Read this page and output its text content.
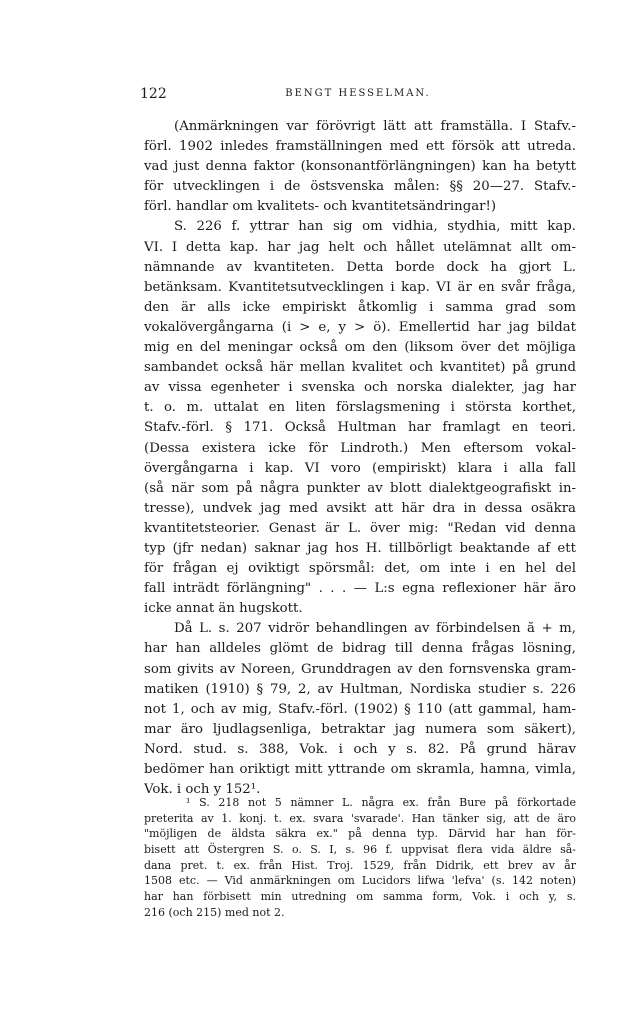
122	BENGT HESSELMAN.
(Anmärkningen var förövrigt lätt att framställa. I Stafv.-
förl. 1902 inledes framställningen med ett försök att utreda.
vad just denna faktor (konsonantförlängningen) kan ha betytt
för utvecklingen i de östsvenska målen: §§ 20—27. Stafv.-
förl. handlar om kvalitets- och kvantitetsändringar!)
S. 226 f. yttrar han sig om vidhia, stydhia, mitt kap.
VI. I detta kap. har jag helt och hållet utelämnat allt om-
nämnande av kvantiteten. Detta borde dock ha gjort L.
betänksam. Kvantitetsutvecklingen i kap. VI är en svår fråga,
den är alls icke empiriskt åtkomlig i samma grad som
vokalövergångarna (i > e, y > ö). Emellertid har jag bildat
mig en del meningar också om den (liksom över det möjliga
sambandet också här mellan kvalitet och kvantitet) på grund
av vissa egenheter i svenska och norska dialekter, jag har
t. o. m. uttalat en liten förslagsmening i största korthet,
Stafv.-förl. § 171. Också Hultman har framlagt en teori.
(Dessa existera icke för Lindroth.) Men eftersom vokal-
övergångarna i kap. VI voro (empiriskt) klara i alla fall
(så när som på några punkter av blott dialektgeografiskt in-
tresse), undvek jag med avsikt att här dra in dessa osäkra
kvantitetsteorier. Genast är L. över mig: "Redan vid denna
typ (jfr nedan) saknar jag hos H. tillbörligt beaktande af ett
för frågan ej oviktigt spörsmål: det, om inte i en hel del
fall inträdt förlängning" . . . — L:s egna reflexioner här äro
icke annat än hugskott.
Då L. s. 207 vidrör behandlingen av förbindelsen ă + m,
har han alldeles glömt de bidrag till denna frågas lösning,
som givits av Noreen, Grunddragen av den fornsvenska gram-
matiken (1910) § 79, 2, av Hultman, Nordiska studier s. 226
not 1, och av mig, Stafv.-förl. (1902) § 110 (att gammal, ham-
mar äro ljudlagsenliga, betraktar jag numera som säkert),
Nord. stud. s. 388, Vok. i och y s. 82. På grund härav
bedömer han oriktigt mitt yttrande om skramla, hamna, vimla,
Vok. i och y 152¹.
¹ S. 218 not 5 nämner L. några ex. från Bure på förkortade
preterita av 1. konj. t. ex. svara 'svarade'. Han tänker sig, att de äro
"möjligen de äldsta säkra ex." på denna typ. Därvid har han för-
bisett att Östergren S. o. S. I, s. 96 f. uppvisat flera vida äldre så-
dana pret. t. ex. från Hist. Troj. 1529, från Didrik, ett brev av år
1508 etc. — Vid anmärkningen om Lucidors lifwa 'lefva' (s. 142 noten)
har han förbisett min utredning om samma form, Vok. i och y, s.
216 (och 215) med not 2.
